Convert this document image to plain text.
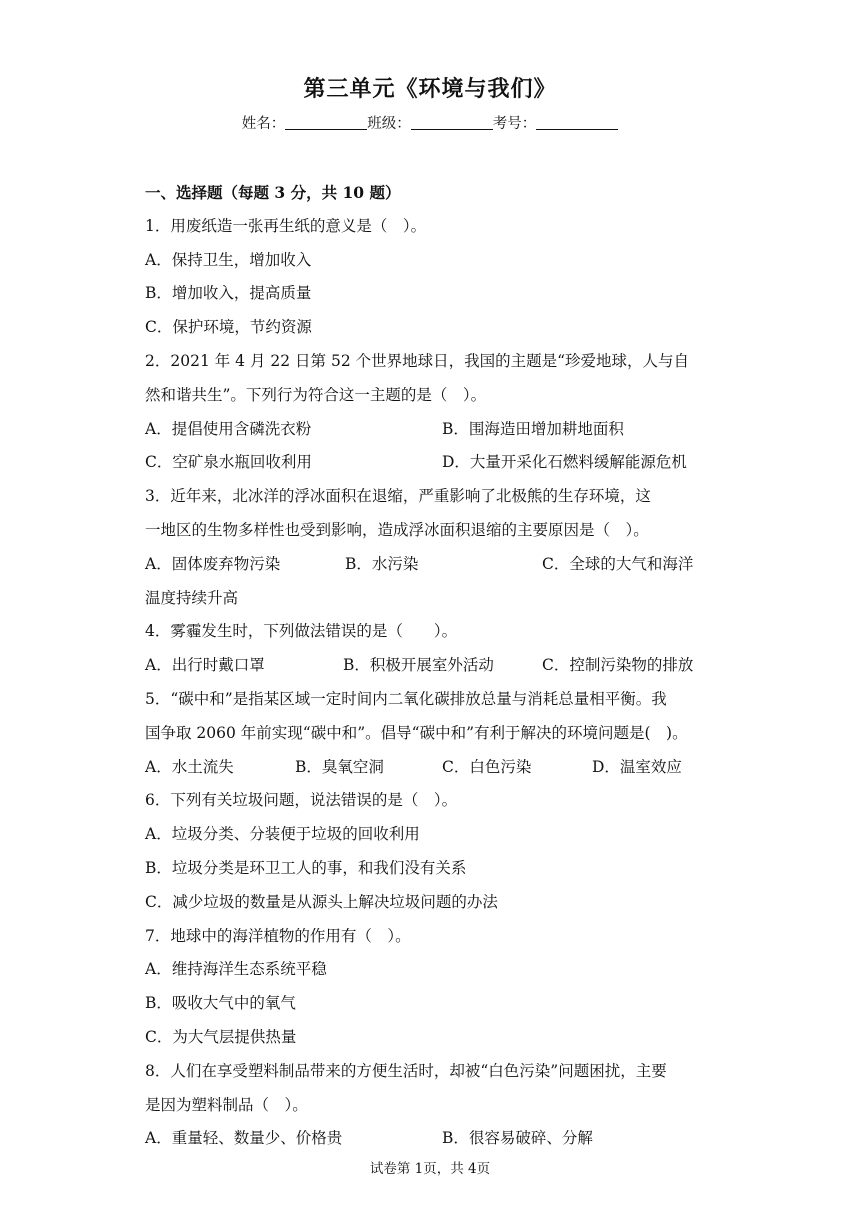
第三单元《环境与我们》
姓名：	班级：	考号：
一、选择题（每题 3 分，共 10 题）
1．用废纸造一张再生纸的意义是（　）。
A．保持卫生，增加收入
B．增加收入，提高质量
C．保护环境，节约资源
2．2021 年 4 月 22 日第 52 个世界地球日，我国的主题是“珍爱地球，人与自
然和谐共生”。下列行为符合这一主题的是（　）。
A．提倡使用含磷洗衣粉	B．围海造田增加耕地面积
C．空矿泉水瓶回收利用	D．大量开采化石燃料缓解能源危机
3．近年来，北冰洋的浮冰面积在退缩，严重影响了北极熊的生存环境，这
一地区的生物多样性也受到影响，造成浮冰面积退缩的主要原因是（　）。
A．固体废弃物污染	B．水污染	C．全球的大气和海洋
温度持续升高
4．雾霾发生时，下列做法错误的是（　　）。
A．出行时戴口罩	B．积极开展室外活动	C．控制污染物的排放
5．“碳中和”是指某区域一定时间内二氧化碳排放总量与消耗总量相平衡。我
国争取 2060 年前实现“碳中和”。倡导“碳中和”有利于解决的环境问题是(　)。
A．水土流失	B．臭氧空洞	C．白色污染	D．温室效应
6．下列有关垃圾问题，说法错误的是（　）。
A．垃圾分类、分装便于垃圾的回收利用
B．垃圾分类是环卫工人的事，和我们没有关系
C．减少垃圾的数量是从源头上解决垃圾问题的办法
7．地球中的海洋植物的作用有（　）。
A．维持海洋生态系统平稳
B．吸收大气中的氧气
C．为大气层提供热量
8．人们在享受塑料制品带来的方便生活时，却被“白色污染”问题困扰，主要
是因为塑料制品（　）。
A．重量轻、数量少、价格贵	B．很容易破碎、分解
试卷第 1页，共 4页
